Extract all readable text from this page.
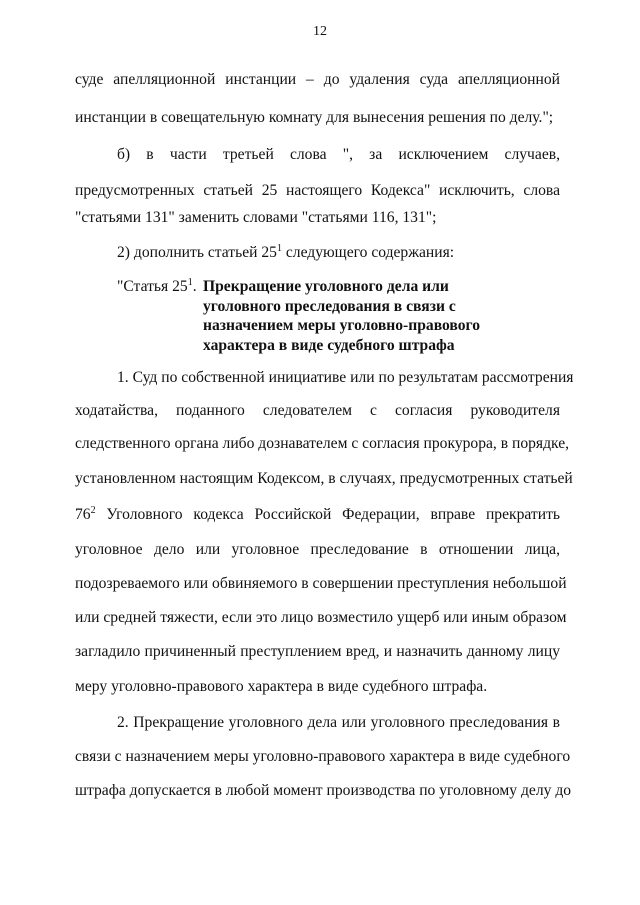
12
суде апелляционной инстанции – до удаления суда апелляционной
инстанции в совещательную комнату для вынесения решения по делу.";
б) в части третьей слова ", за исключением случаев,
предусмотренных статьей 25 настоящего Кодекса" исключить, слова
"статьями 131" заменить словами "статьями 116, 131";
2) дополнить статьей $25^1$ следующего содержания:
"Статья $25^1$. Прекращение уголовного дела или
уголовного преследования в связи с
назначением меры уголовно-правового
характера в виде судебного штрафа
1. Суд по собственной инициативе или по результатам рассмотрения
ходатайства, поданного следователем с согласия руководителя
следственного органа либо дознавателем с согласия прокурора, в порядке,
установленном настоящим Кодексом, в случаях, предусмотренных статьей
$76^2$ Уголовного кодекса Российской Федерации, вправе прекратить
уголовное дело или уголовное преследование в отношении лица,
подозреваемого или обвиняемого в совершении преступления небольшой
или средней тяжести, если это лицо возместило ущерб или иным образом
загладило причиненный преступлением вред, и назначить данному лицу
меру уголовно-правового характера в виде судебного штрафа.
2. Прекращение уголовного дела или уголовного преследования в
связи с назначением меры уголовно-правового характера в виде судебного
штрафа допускается в любой момент производства по уголовному делу до
